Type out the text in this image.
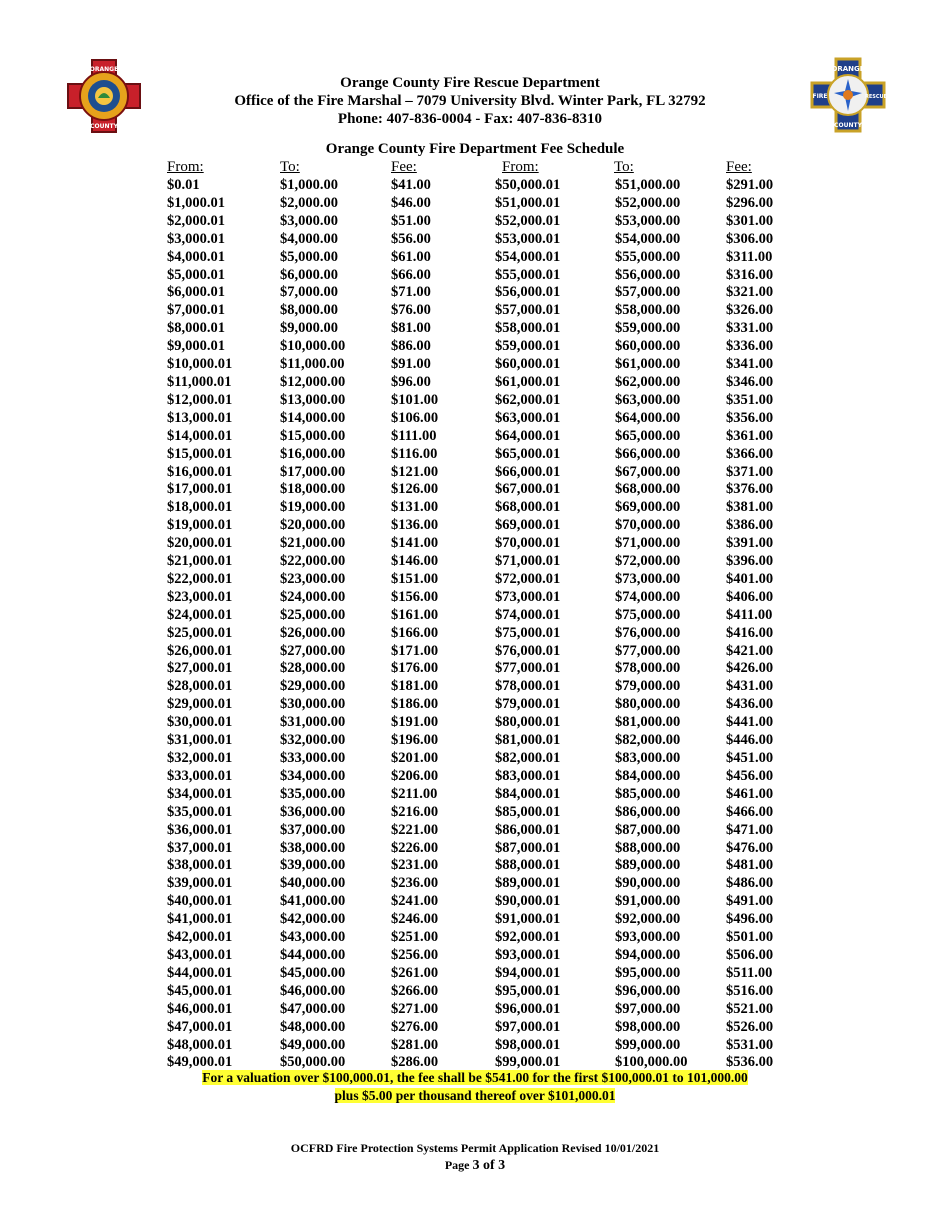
ORANGE
COUNTY
ORANGE
FIRE	RESCUE
COUNTY
Orange County Fire Rescue Department
Office of the Fire Marshal – 7079 University Blvd. Winter Park, FL 32792
Phone: 407-836-0004 - Fax: 407-836-8310
Orange County Fire Department Fee Schedule
From:	To:	Fee:	From:	To:	Fee:
$0.01	$1,000.00	$41.00	$50,000.01	$51,000.00	$291.00
$1,000.01	$2,000.00	$46.00	$51,000.01	$52,000.00	$296.00
$2,000.01	$3,000.00	$51.00	$52,000.01	$53,000.00	$301.00
$3,000.01	$4,000.00	$56.00	$53,000.01	$54,000.00	$306.00
$4,000.01	$5,000.00	$61.00	$54,000.01	$55,000.00	$311.00
$5,000.01	$6,000.00	$66.00	$55,000.01	$56,000.00	$316.00
$6,000.01	$7,000.00	$71.00	$56,000.01	$57,000.00	$321.00
$7,000.01	$8,000.00	$76.00	$57,000.01	$58,000.00	$326.00
$8,000.01	$9,000.00	$81.00	$58,000.01	$59,000.00	$331.00
$9,000.01	$10,000.00	$86.00	$59,000.01	$60,000.00	$336.00
$10,000.01	$11,000.00	$91.00	$60,000.01	$61,000.00	$341.00
$11,000.01	$12,000.00	$96.00	$61,000.01	$62,000.00	$346.00
$12,000.01	$13,000.00	$101.00	$62,000.01	$63,000.00	$351.00
$13,000.01	$14,000.00	$106.00	$63,000.01	$64,000.00	$356.00
$14,000.01	$15,000.00	$111.00	$64,000.01	$65,000.00	$361.00
$15,000.01	$16,000.00	$116.00	$65,000.01	$66,000.00	$366.00
$16,000.01	$17,000.00	$121.00	$66,000.01	$67,000.00	$371.00
$17,000.01	$18,000.00	$126.00	$67,000.01	$68,000.00	$376.00
$18,000.01	$19,000.00	$131.00	$68,000.01	$69,000.00	$381.00
$19,000.01	$20,000.00	$136.00	$69,000.01	$70,000.00	$386.00
$20,000.01	$21,000.00	$141.00	$70,000.01	$71,000.00	$391.00
$21,000.01	$22,000.00	$146.00	$71,000.01	$72,000.00	$396.00
$22,000.01	$23,000.00	$151.00	$72,000.01	$73,000.00	$401.00
$23,000.01	$24,000.00	$156.00	$73,000.01	$74,000.00	$406.00
$24,000.01	$25,000.00	$161.00	$74,000.01	$75,000.00	$411.00
$25,000.01	$26,000.00	$166.00	$75,000.01	$76,000.00	$416.00
$26,000.01	$27,000.00	$171.00	$76,000.01	$77,000.00	$421.00
$27,000.01	$28,000.00	$176.00	$77,000.01	$78,000.00	$426.00
$28,000.01	$29,000.00	$181.00	$78,000.01	$79,000.00	$431.00
$29,000.01	$30,000.00	$186.00	$79,000.01	$80,000.00	$436.00
$30,000.01	$31,000.00	$191.00	$80,000.01	$81,000.00	$441.00
$31,000.01	$32,000.00	$196.00	$81,000.01	$82,000.00	$446.00
$32,000.01	$33,000.00	$201.00	$82,000.01	$83,000.00	$451.00
$33,000.01	$34,000.00	$206.00	$83,000.01	$84,000.00	$456.00
$34,000.01	$35,000.00	$211.00	$84,000.01	$85,000.00	$461.00
$35,000.01	$36,000.00	$216.00	$85,000.01	$86,000.00	$466.00
$36,000.01	$37,000.00	$221.00	$86,000.01	$87,000.00	$471.00
$37,000.01	$38,000.00	$226.00	$87,000.01	$88,000.00	$476.00
$38,000.01	$39,000.00	$231.00	$88,000.01	$89,000.00	$481.00
$39,000.01	$40,000.00	$236.00	$89,000.01	$90,000.00	$486.00
$40,000.01	$41,000.00	$241.00	$90,000.01	$91,000.00	$491.00
$41,000.01	$42,000.00	$246.00	$91,000.01	$92,000.00	$496.00
$42,000.01	$43,000.00	$251.00	$92,000.01	$93,000.00	$501.00
$43,000.01	$44,000.00	$256.00	$93,000.01	$94,000.00	$506.00
$44,000.01	$45,000.00	$261.00	$94,000.01	$95,000.00	$511.00
$45,000.01	$46,000.00	$266.00	$95,000.01	$96,000.00	$516.00
$46,000.01	$47,000.00	$271.00	$96,000.01	$97,000.00	$521.00
$47,000.01	$48,000.00	$276.00	$97,000.01	$98,000.00	$526.00
$48,000.01	$49,000.00	$281.00	$98,000.01	$99,000.00	$531.00
$49,000.01	$50,000.00	$286.00	$99,000.01	$100,000.00	$536.00
For a valuation over $100,000.01, the fee shall be $541.00 for the first $100,000.01 to 101,000.00
plus $5.00 per thousand thereof over $101,000.01
OCFRD Fire Protection Systems Permit Application Revised 10/01/2021
Page 3 of 3
